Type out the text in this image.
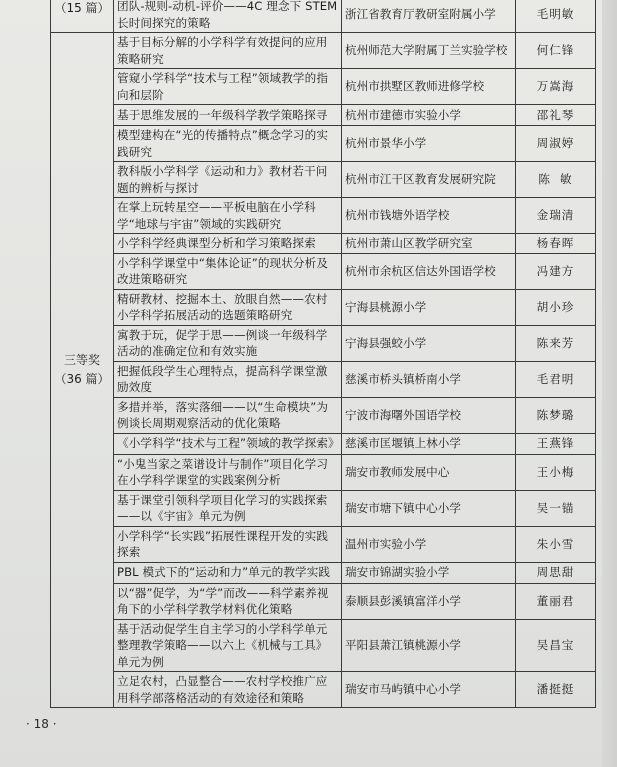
（15 篇）	团队-规则-动机-评价——4C 理念下 STEM 长时间探究的策略	浙江省教育厅教研室附属小学	毛明敏

三等奖
（36 篇）	基于目标分解的小学科学有效提问的应用策略研究	杭州师范大学附属丁兰实验学校	何仁锋
	管窥小学科学“技术与工程”领域教学的指向和层阶	杭州市拱墅区教师进修学校	万嵩海
	基于思维发展的一年级科学教学策略探寻	杭州市建德市实验小学	邵礼琴
	模型建构在“光的传播特点”概念学习的实践研究	杭州市景华小学	周淑婷
	教科版小学科学《运动和力》教材若干问题的辨析与探讨	杭州市江干区教育发展研究院	陈敏
	在掌上玩转星空——平板电脑在小学科学“地球与宇宙”领域的实践研究	杭州市钱塘外语学校	金瑞清
	小学科学经典课型分析和学习策略探索	杭州市萧山区教学研究室	杨春晖
	小学科学课堂中“集体论证”的现状分析及改进策略研究	杭州市余杭区信达外国语学校	冯建方
	精研教材、挖掘本土、放眼自然——农村小学科学拓展活动的选题策略研究	宁海县桃源小学	胡小珍
	寓教于玩，促学于思——例谈一年级科学活动的准确定位和有效实施	宁海县强蛟小学	陈来芳
	把握低段学生心理特点，提高科学课堂激励效度	慈溪市桥头镇桥南小学	毛君明
	多措并举，落实落细——以“生命模块”为例谈长周期观察活动的优化策略	宁波市海曙外国语学校	陈梦璐
	《小学科学“技术与工程”领域的教学探索》	慈溪市匡堰镇上林小学	王燕锋
	“小鬼当家之菜谱设计与制作”项目化学习在小学科学课堂的实践案例分析	瑞安市教师发展中心	王小梅
	基于课堂引领科学项目化学习的实践探索——以《宇宙》单元为例	瑞安市塘下镇中心小学	吴一锚
	小学科学“长实践”拓展性课程开发的实践探索	温州市实验小学	朱小雪
	PBL 模式下的“运动和力”单元的教学实践	瑞安市锦湖实验小学	周思甜
	以“器”促学，为“学”而改——科学素养视角下的小学科学教学材料优化策略	泰顺县彭溪镇富洋小学	董丽君
	基于活动促学生自主学习的小学科学单元整理教学策略——以六上《机械与工具》单元为例	平阳县萧江镇桃源小学	吴昌宝
	立足农村，凸显整合——农村学校推广应用科学部落格活动的有效途径和策略	瑞安市马屿镇中心小学	潘挺挺
· 18 ·
